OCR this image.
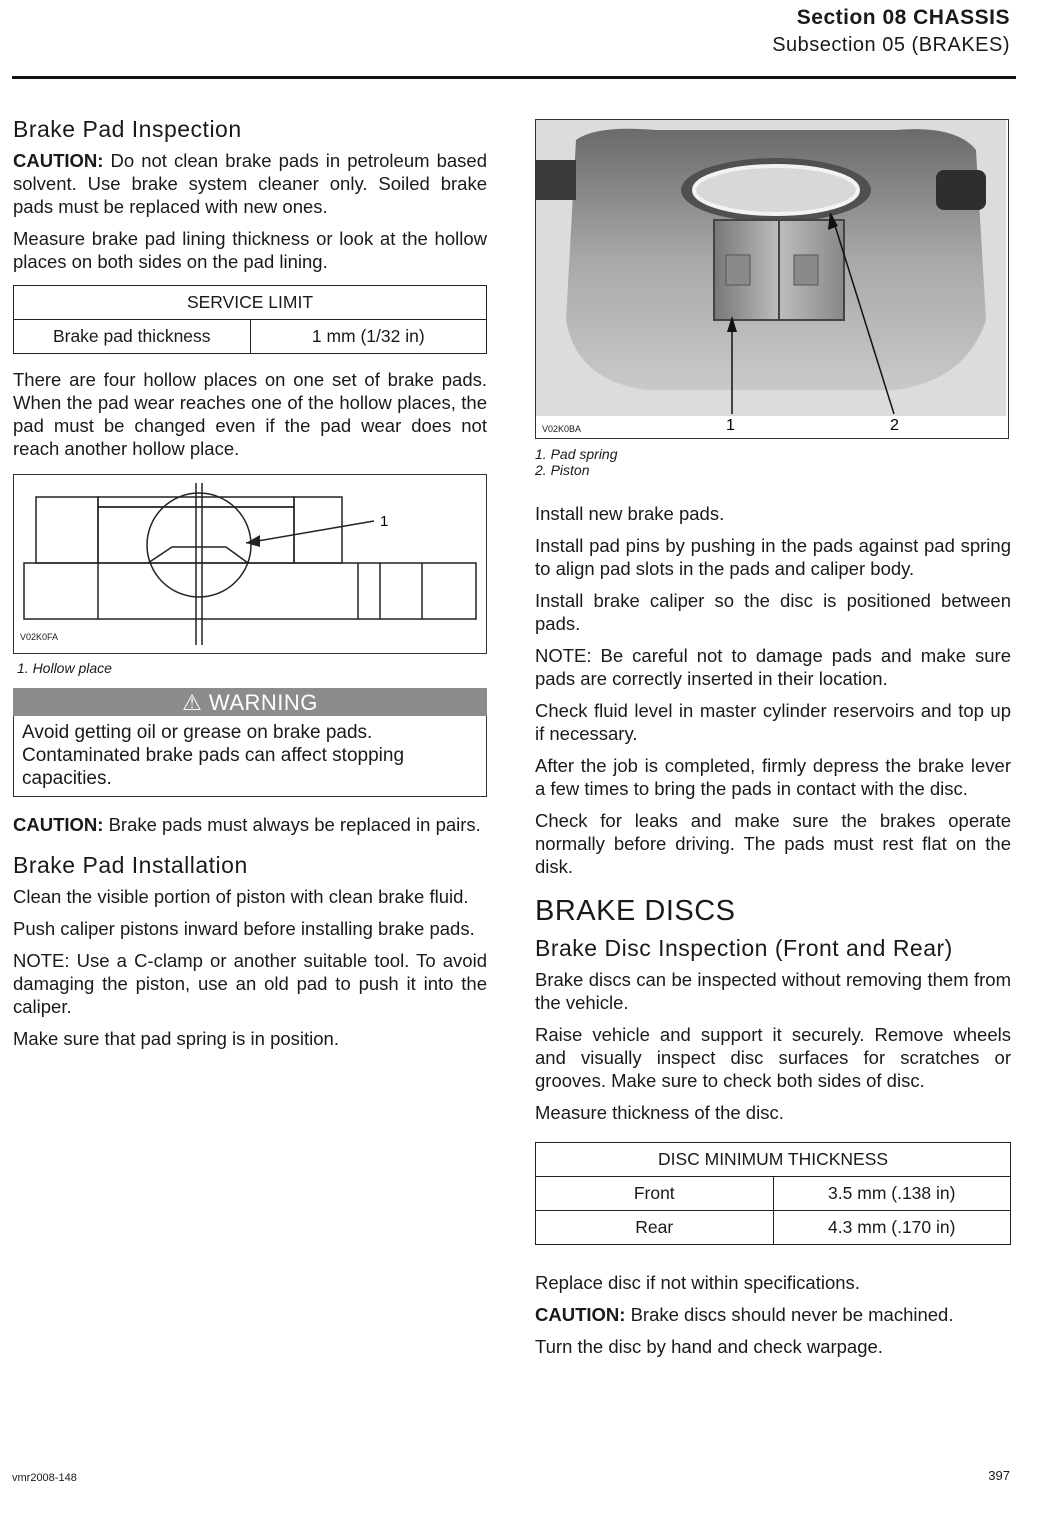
Section 08 CHASSIS
Subsection 05 (BRAKES)
Brake Pad Inspection

CAUTION: Do not clean brake pads in petroleum based solvent. Use brake system cleaner only. Soiled brake pads must be replaced with new ones.

Measure brake pad lining thickness or look at the hollow places on both sides on the pad lining.

SERVICE LIMIT
Brake pad thickness	1 mm (1/32 in)

There are four hollow places on one set of brake pads. When the pad wear reaches one of the hollow places, the pad must be changed even if the pad wear does not reach another hollow place.

1
V02K0FA
1. Hollow place
⚠ WARNING
Avoid getting oil or grease on brake pads. Contaminated brake pads can affect stopping capacities.

CAUTION: Brake pads must always be replaced in pairs.

Brake Pad Installation

Clean the visible portion of piston with clean brake fluid.

Push caliper pistons inward before installing brake pads.

NOTE: Use a C-clamp or another suitable tool. To avoid damaging the piston, use an old pad to push it into the caliper.

Make sure that pad spring is in position.

1	2
V02K0BA
1. Pad spring
2. Piston

Install new brake pads.

Install pad pins by pushing in the pads against pad spring to align pad slots in the pads and caliper body.

Install brake caliper so the disc is positioned between pads.

NOTE: Be careful not to damage pads and make sure pads are correctly inserted in their location.

Check fluid level in master cylinder reservoirs and top up if necessary.

After the job is completed, firmly depress the brake lever a few times to bring the pads in contact with the disc.

Check for leaks and make sure the brakes operate normally before driving. The pads must rest flat on the disk.

BRAKE DISCS
Brake Disc Inspection (Front and Rear)

Brake discs can be inspected without removing them from the vehicle.

Raise vehicle and support it securely. Remove wheels and visually inspect disc surfaces for scratches or grooves. Make sure to check both sides of disc.

Measure thickness of the disc.

DISC MINIMUM THICKNESS	
Front	3.5 mm (.138 in)
Rear	4.3 mm (.170 in)

Replace disc if not within specifications.

CAUTION: Brake discs should never be machined.

Turn the disc by hand and check warpage.

vmr2008-148	397
